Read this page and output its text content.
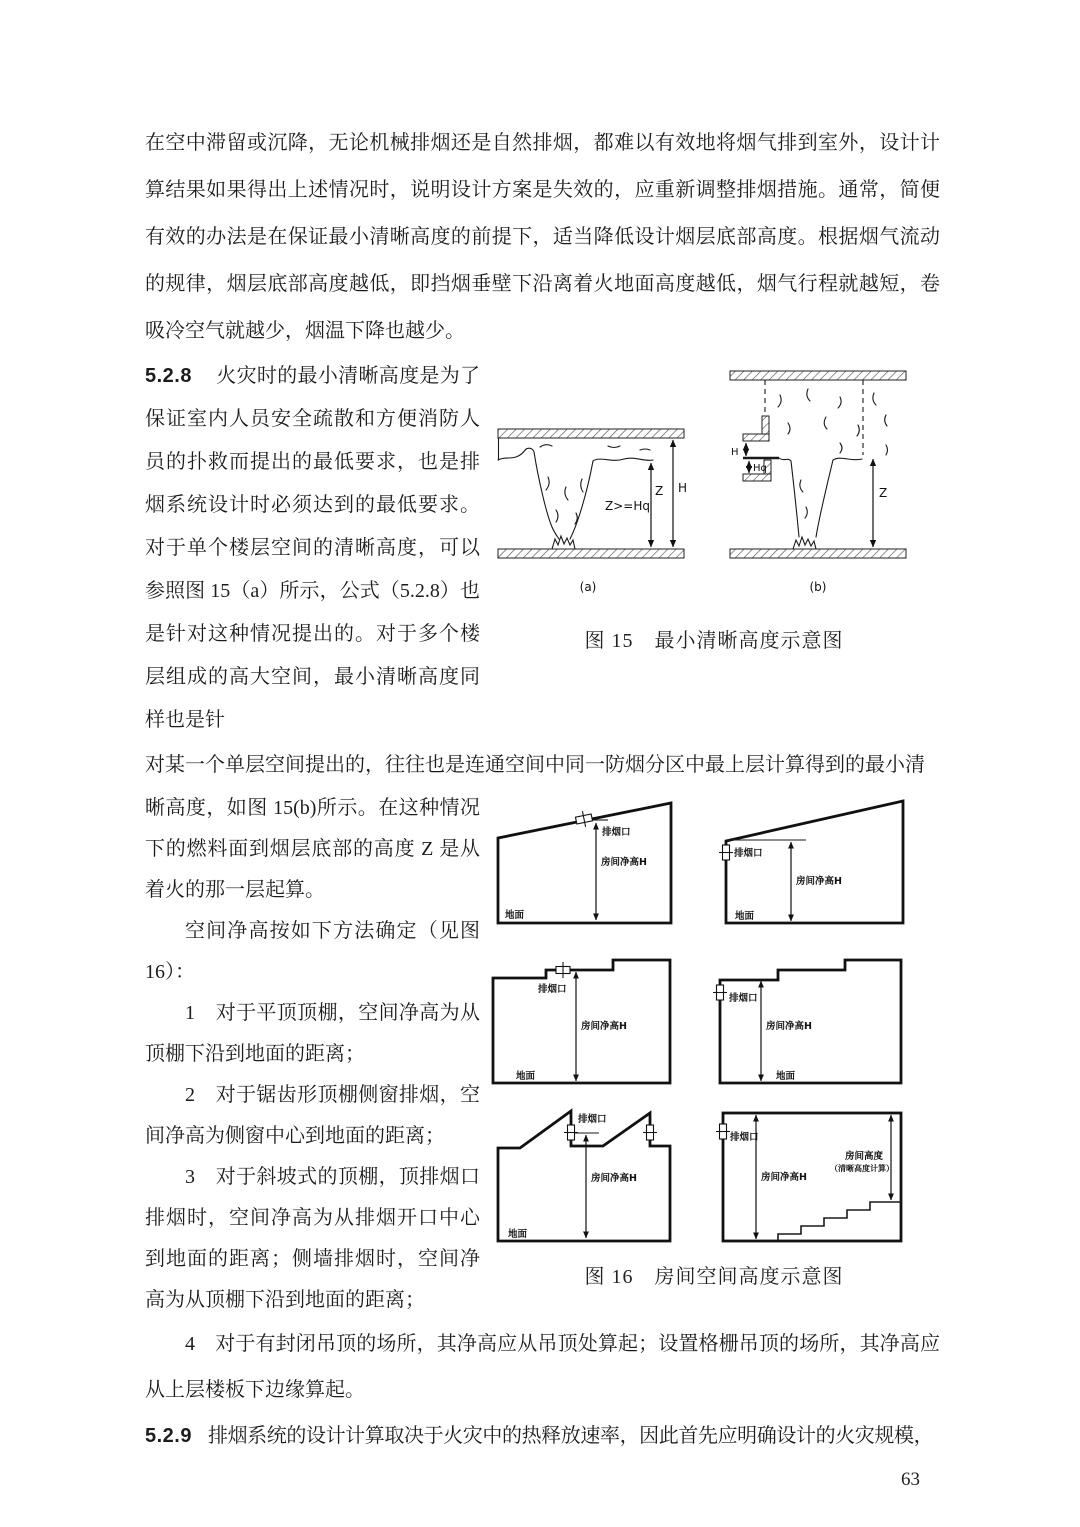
在空中滞留或沉降，无论机械排烟还是自然排烟，都难以有效地将烟气排到室外，设计计算结果如果得出上述情况时，说明设计方案是失效的，应重新调整排烟措施。通常，简便有效的办法是在保证最小清晰高度的前提下，适当降低设计烟层底部高度。根据烟气流动的规律，烟层底部高度越低，即挡烟垂壁下沿离着火地面高度越低，烟气行程就越短，卷吸冷空气就越少，烟温下降也越少。

Z>=Hq
Z H
(a)
H
Hq
Z
(b)
图 15　最小清晰高度示意图

5.2.8 火灾时的最小清晰高度是为了保证室内人员安全疏散和方便消防人员的扑救而提出的最低要求，也是排烟系统设计时必须达到的最低要求。对于单个楼层空间的清晰高度，可以参照图 15（a）所示，公式（5.2.8）也是针对这种情况提出的。对于多个楼层组成的高大空间，最小清晰高度同样也是针

对某一个单层空间提出的，往往也是连通空间中同一防烟分区中最上层计算得到的最小清

排烟口
房间净高H
地面
排烟口
房间净高H
地面
排烟口
房间净高H
地面
排烟口
房间净高H
地面
排烟口
房间净高H
地面
排烟口
房间净高H
房间高度
（清晰高度计算）
图 16　房间空间高度示意图

晰高度，如图 15(b)所示。在这种情况下的燃料面到烟层底部的高度 Z 是从着火的那一层起算。

空间净高按如下方法确定（见图16）：

1　对于平顶顶棚，空间净高为从顶棚下沿到地面的距离；

2　对于锯齿形顶棚侧窗排烟，空间净高为侧窗中心到地面的距离；

3　对于斜坡式的顶棚，顶排烟口排烟时，空间净高为从排烟开口中心到地面的距离；侧墙排烟时，空间净高为从顶棚下沿到地面的距离；

4　对于有封闭吊顶的场所，其净高应从吊顶处算起；设置格栅吊顶的场所，其净高应从上层楼板下边缘算起。

5.2.9 排烟系统的设计计算取决于火灾中的热释放速率，因此首先应明确设计的火灾规模，

63
